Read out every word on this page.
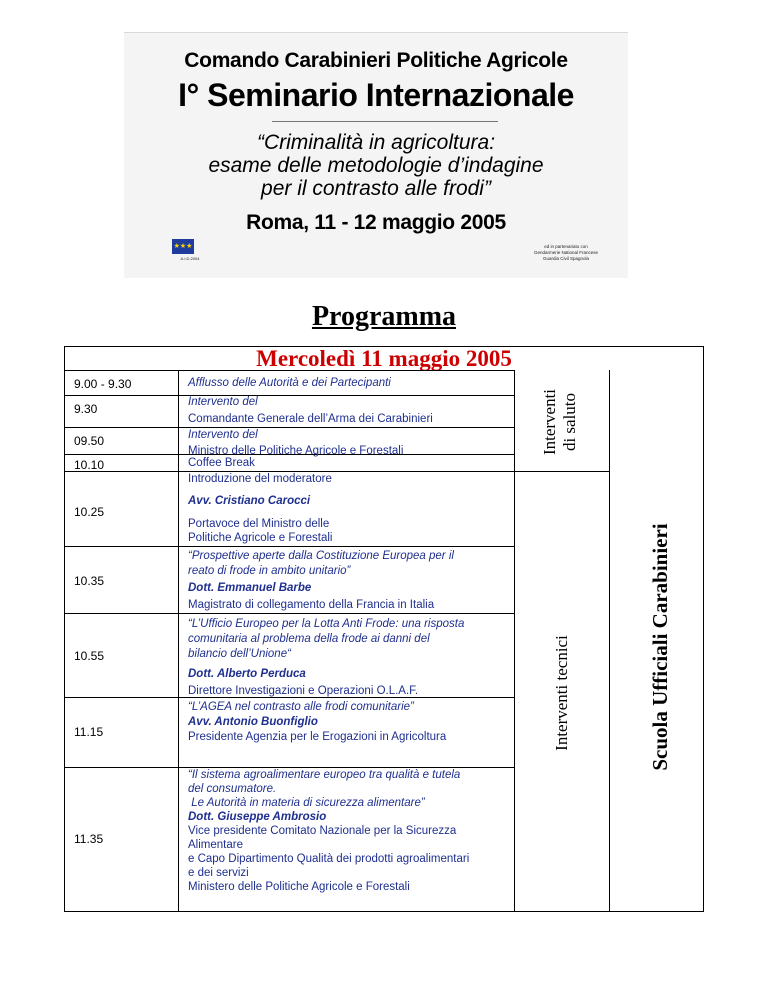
Comando Carabinieri Politiche Agricole
I° Seminario Internazionale
“Criminalità in agricoltura:
esame delle metodologie d’indagine
per il contrasto alle frodi”
Roma, 11 - 12 maggio 2005
★★★
A.I.D.2004
ed in partenariato con
Gendarmerie National Francese
Guardia Civil Spagnola
Programma
Mercoledì 11 maggio 2005
Interventi di saluto
Interventi tecnici	Scuola Ufficiali Carabinieri
9.00 - 9.30
9.30
09.50
10.10
10.25
10.35
10.55
11.15
11.35
Afflusso delle Autorità e dei Partecipanti
Intervento del
Comandante Generale dell’Arma dei Carabinieri
Intervento del
Ministro delle Politiche Agricole e Forestali
Coffee Break
Introduzione del moderatore
Avv. Cristiano Carocci
Portavoce del Ministro delle
Politiche Agricole e Forestali
“Prospettive aperte dalla Costituzione Europea per il
reato di frode in ambito unitario”
Dott. Emmanuel Barbe
Magistrato di collegamento della Francia in Italia
“L’Ufficio Europeo per la Lotta Anti Frode: una risposta
comunitaria al problema della frode ai danni del
bilancio dell’Unione“
Dott. Alberto Perduca
Direttore Investigazioni e Operazioni O.L.A.F.
“L’AGEA nel contrasto alle frodi comunitarie”
Avv. Antonio Buonfiglio
Presidente Agenzia per le Erogazioni in Agricoltura
“Il sistema agroalimentare europeo tra qualità e tutela
del consumatore.
Le Autorità in materia di sicurezza alimentare”
Dott. Giuseppe Ambrosio
Vice presidente Comitato Nazionale per la Sicurezza
Alimentare
e Capo Dipartimento Qualità dei prodotti agroalimentari
e dei servizi
Ministero delle Politiche Agricole e Forestali
